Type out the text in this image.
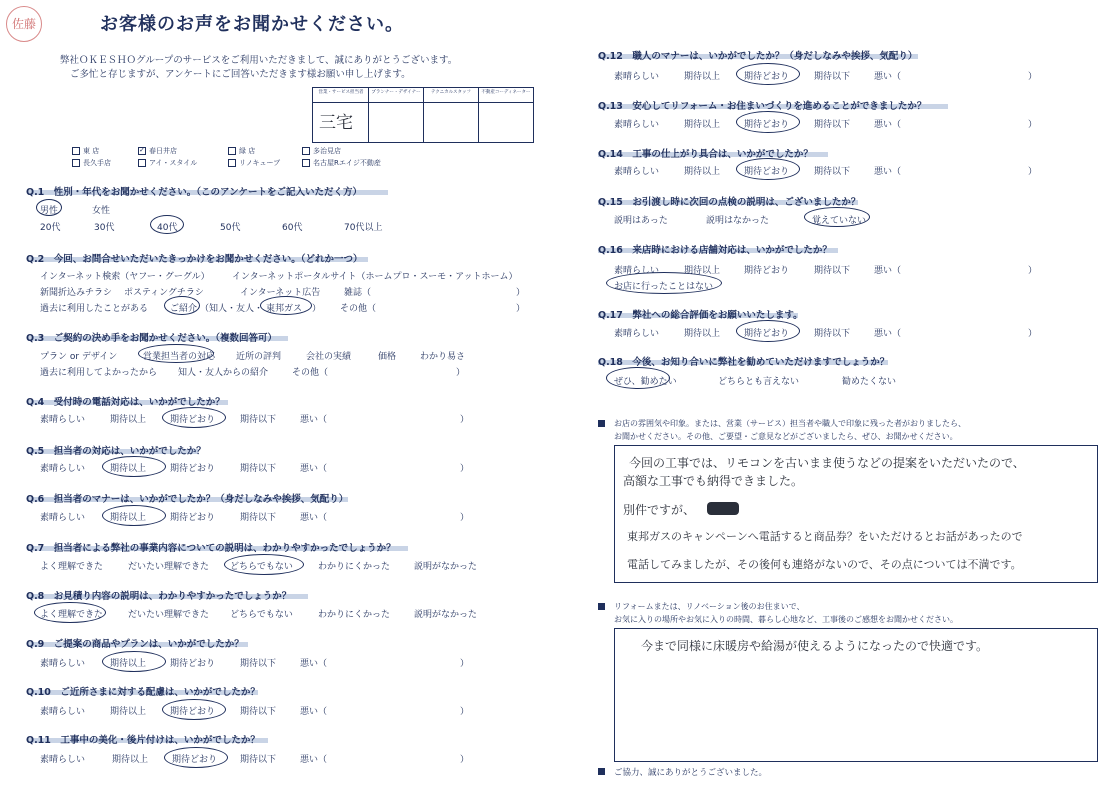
佐藤	お客様のお声をお聞かせください。
弊社ＯＫＥＳＨＯグループのサービスをご利用いただきまして、誠にありがとうございます。
ご多忙と存じますが、アンケートにご回答いただきます様お願い申し上げます。
営業・サービス担当者	プランナー・デザイナー	テクニカルスタッフ	不動産コーディネーター
三宅
東 店	✓ 春日井店	緑 店	多治見店
長久手店	アイ・スタイル	リノキューブ	名古屋Rエイジ不動産
Q.1　性別・年代をお聞かせください。（このアンケートをご記入いただく方）
男性	女性
20代	30代	40代	50代	60代	70代以上
Q.2　今回、お問合せいただいたきっかけをお聞かせください。（どれか一つ）
インターネット検索（ヤフー・グーグル） インターネットポータルサイト（ホームプロ・スーモ・アットホーム）
新聞折込みチラシ ポスティングチラシ	インターネット広告	雑誌（	）
過去に利用したことがある ご紹介 （知人・友人・ 東邦ガス ） その他（	）
Q.3　ご契約の決め手をお聞かせください。（複数回答可）
プラン or デザイン	営業担当者の対応 近所の評判	会社の実績	価格	わかり易さ
過去に利用してよかったから 知人・友人からの紹介	その他（	）
Q.4　受付時の電話対応は、いかがでしたか？
Q.5　担当者の対応は、いかがでしたか？
Q.6　担当者のマナーは、いかがでしたか？（身だしなみや挨拶、気配り）
Q.7　担当者による弊社の事業内容についての説明は、わかりやすかったでしょうか？
Q.8　お見積り内容の説明は、わかりやすかったでしょうか？
Q.9　ご提案の商品やプランは、いかがでしたか？
Q.10　ご近所さまに対する配慮は、いかがでしたか？
Q.11　工事中の美化・後片付けは、いかがでしたか？
Q.12　職人のマナーは、いかがでしたか？（身だしなみや挨拶、気配り）
Q.13　安心してリフォーム・お住まいづくりを進めることができましたか？
Q.14　工事の仕上がり具合は、いかがでしたか？
Q.15　お引渡し時に次回の点検の説明は、ございましたか？
Q.16　来店時における店舗対応は、いかがでしたか？
Q.17　弊社への総合評価をお願いいたします。
Q.18　今後、お知り合いに弊社を勧めていただけますでしょうか？
説明はあった	説明はなかった	覚えていない
お店に行ったことはない
ぜひ、勧めたい	どちらとも言えない	勧めたくない
お店の雰囲気や印象。または、営業（サービス）担当者や職人で印象に残った者がおりましたら、
お聞かせください。その他、ご要望・ご意見などがございましたら、ぜひ、お聞かせください。
今回の工事では、リモコンを古いまま使うなどの提案をいただいたので、
高額な工事でも納得できました。
別件ですが、
東邦ガスのキャンペーンへ電話すると商品券？をいただけるとお話があったので
電話してみましたが、その後何も連絡がないので、その点については不満です。
リフォームまたは、リノベーション後のお住まいで、
お気に入りの場所やお気に入りの時間、暮らし心地など、工事後のご感想をお聞かせください。
今まで同様に床暖房や給湯が使えるようになったので快適です。
ご協力、誠にありがとうございました。
素晴らしい	期待以上	期待どおり	期待以下	悪い（	）
素晴らしい	期待以上	期待どおり	期待以下	悪い（	）
素晴らしい	期待以上	期待どおり	期待以下	悪い（	）
素晴らしい	期待以上	期待どおり	期待以下	悪い（	）
素晴らしい	期待以上	期待どおり	期待以下	悪い（	）
素晴らしい	期待以上	期待どおり	期待以下	悪い（	）
素晴らしい	期待以上	期待どおり	期待以下	悪い（	）
素晴らしい	期待以上	期待どおり	期待以下	悪い（	）
素晴らしい	期待以上	期待どおり	期待以下	悪い（	）
素晴らしい	期待以上	期待どおり	期待以下	悪い（	）
素晴らしい	期待以上	期待どおり	期待以下	悪い（	）
よく理解できた	だいたい理解できた どちらでもない	わかりにくかった	説明がなかった
よく理解できた	だいたい理解できた どちらでもない	わかりにくかった	説明がなかった
